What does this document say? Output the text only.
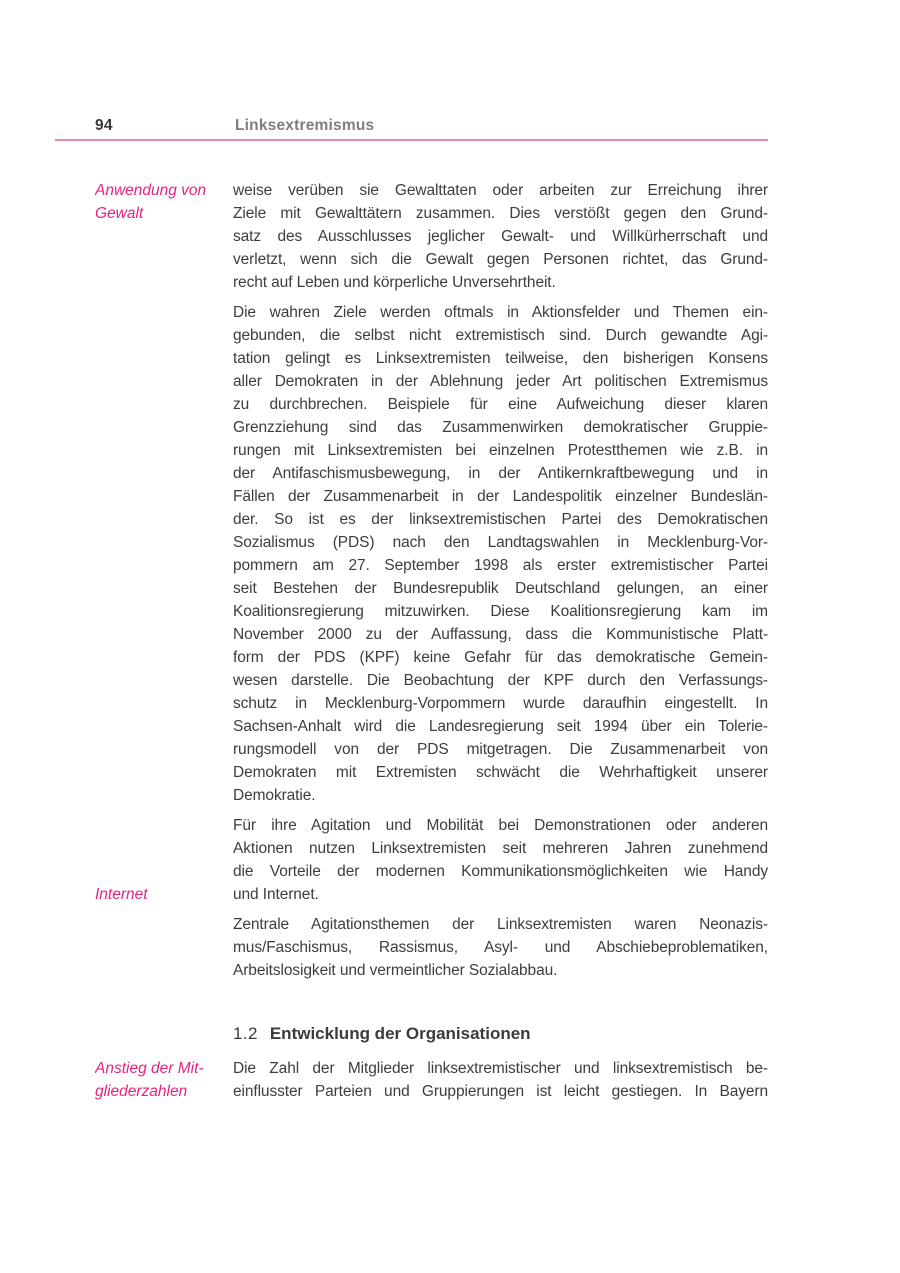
94	Linksextremismus
Anwendung von
Gewalt
weise verüben sie Gewalttaten oder arbeiten zur Erreichung ihrer
Ziele mit Gewalttätern zusammen. Dies verstößt gegen den Grund-
satz des Ausschlusses jeglicher Gewalt- und Willkürherrschaft und
verletzt, wenn sich die Gewalt gegen Personen richtet, das Grund-
recht auf Leben und körperliche Unversehrtheit.
Die wahren Ziele werden oftmals in Aktionsfelder und Themen ein-
gebunden, die selbst nicht extremistisch sind. Durch gewandte Agi-
tation gelingt es Linksextremisten teilweise, den bisherigen Konsens
aller Demokraten in der Ablehnung jeder Art politischen Extremismus
zu durchbrechen. Beispiele für eine Aufweichung dieser klaren
Grenzziehung sind das Zusammenwirken demokratischer Gruppie-
rungen mit Linksextremisten bei einzelnen Protestthemen wie z.B. in
der Antifaschismusbewegung, in der Antikernkraftbewegung und in
Fällen der Zusammenarbeit in der Landespolitik einzelner Bundeslän-
der. So ist es der linksextremistischen Partei des Demokratischen
Sozialismus (PDS) nach den Landtagswahlen in Mecklenburg-Vor-
pommern am 27. September 1998 als erster extremistischer Partei
seit Bestehen der Bundesrepublik Deutschland gelungen, an einer
Koalitionsregierung mitzuwirken. Diese Koalitionsregierung kam im
November 2000 zu der Auffassung, dass die Kommunistische Platt-
form der PDS (KPF) keine Gefahr für das demokratische Gemein-
wesen darstelle. Die Beobachtung der KPF durch den Verfassungs-
schutz in Mecklenburg-Vorpommern wurde daraufhin eingestellt. In
Sachsen-Anhalt wird die Landesregierung seit 1994 über ein Tolerie-
rungsmodell von der PDS mitgetragen. Die Zusammenarbeit von
Demokraten mit Extremisten schwächt die Wehrhaftigkeit unserer
Demokratie.
Internet
Für ihre Agitation und Mobilität bei Demonstrationen oder anderen
Aktionen nutzen Linksextremisten seit mehreren Jahren zunehmend
die Vorteile der modernen Kommunikationsmöglichkeiten wie Handy
und Internet.
Zentrale Agitationsthemen der Linksextremisten waren Neonazis-
mus/Faschismus, Rassismus, Asyl- und Abschiebeproblematiken,
Arbeitslosigkeit und vermeintlicher Sozialabbau.
1.2 Entwicklung der Organisationen
Anstieg der Mit-
gliederzahlen
Die Zahl der Mitglieder linksextremistischer und linksextremistisch be-
einflusster Parteien und Gruppierungen ist leicht gestiegen. In Bayern
